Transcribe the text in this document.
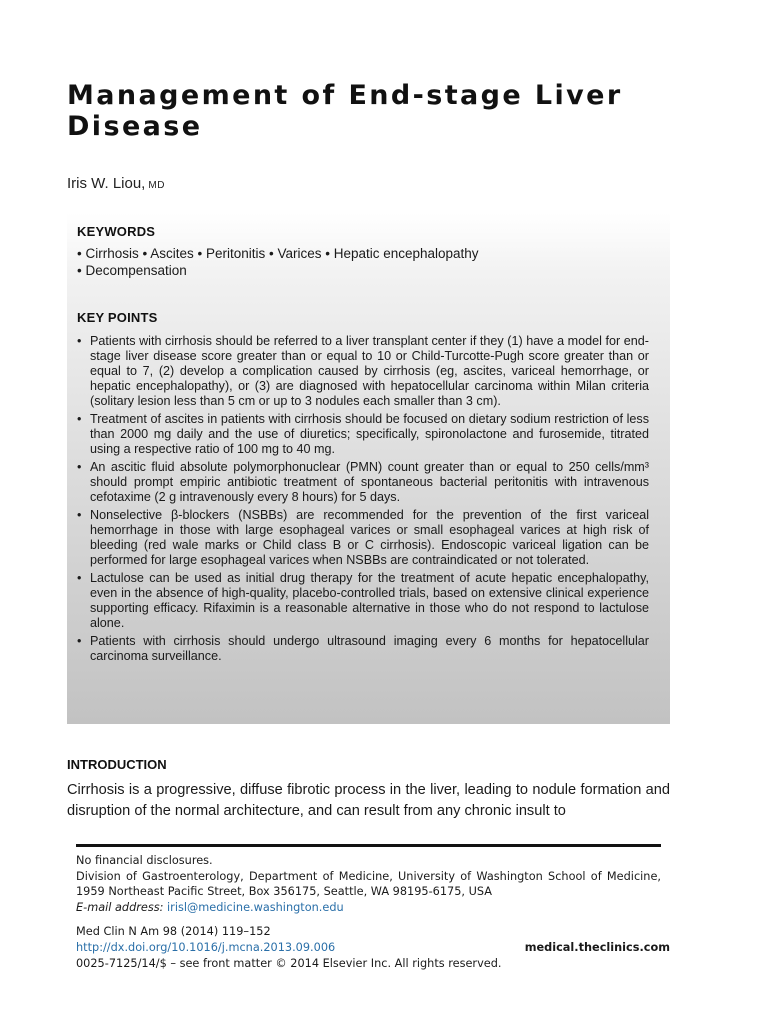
Management of End-stage Liver Disease
Iris W. Liou, MD
KEYWORDS
• Cirrhosis • Ascites • Peritonitis • Varices • Hepatic encephalopathy
• Decompensation
KEY POINTS
• Patients with cirrhosis should be referred to a liver transplant center if they (1) have a model for end-stage liver disease score greater than or equal to 10 or Child-Turcotte-Pugh score greater than or equal to 7, (2) develop a complication caused by cirrhosis (eg, ascites, variceal hemorrhage, or hepatic encephalopathy), or (3) are diagnosed with hepatocellular carcinoma within Milan criteria (solitary lesion less than 5 cm or up to 3 nodules each smaller than 3 cm).
• Treatment of ascites in patients with cirrhosis should be focused on dietary sodium restriction of less than 2000 mg daily and the use of diuretics; specifically, spironolactone and furosemide, titrated using a respective ratio of 100 mg to 40 mg.
• An ascitic fluid absolute polymorphonuclear (PMN) count greater than or equal to 250 cells/mm³ should prompt empiric antibiotic treatment of spontaneous bacterial peritonitis with intravenous cefotaxime (2 g intravenously every 8 hours) for 5 days.
• Nonselective β-blockers (NSBBs) are recommended for the prevention of the first variceal hemorrhage in those with large esophageal varices or small esophageal varices at high risk of bleeding (red wale marks or Child class B or C cirrhosis). Endoscopic variceal ligation can be performed for large esophageal varices when NSBBs are contraindicated or not tolerated.
• Lactulose can be used as initial drug therapy for the treatment of acute hepatic encephalopathy, even in the absence of high-quality, placebo-controlled trials, based on extensive clinical experience supporting efficacy. Rifaximin is a reasonable alternative in those who do not respond to lactulose alone.
• Patients with cirrhosis should undergo ultrasound imaging every 6 months for hepatocellular carcinoma surveillance.
INTRODUCTION

Cirrhosis is a progressive, diffuse fibrotic process in the liver, leading to nodule formation and disruption of the normal architecture, and can result from any chronic insult to

No financial disclosures.

Division of Gastroenterology, Department of Medicine, University of Washington School of Medicine, 1959 Northeast Pacific Street, Box 356175, Seattle, WA 98195-6175, USA

E-mail address: irisl@medicine.washington.edu

Med Clin N Am 98 (2014) 119–152
http://dx.doi.org/10.1016/j.mcna.2013.09.006	medical.theclinics.com
0025-7125/14/$ – see front matter © 2014 Elsevier Inc. All rights reserved.
